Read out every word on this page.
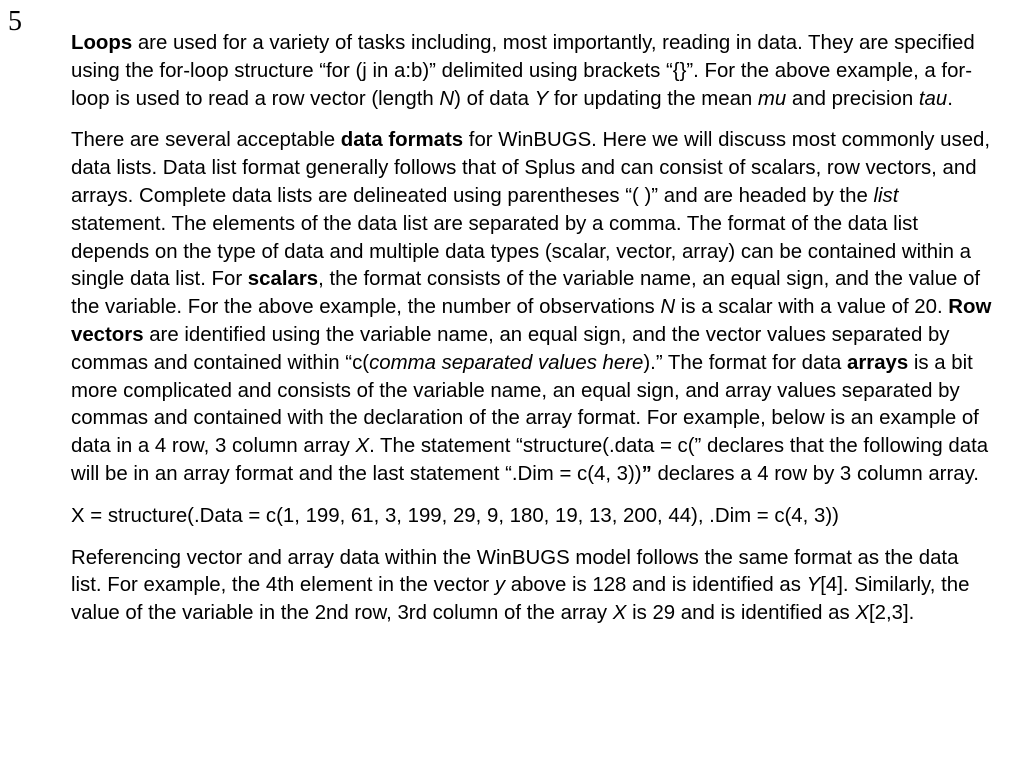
5

Loops are used for a variety of tasks including, most importantly, reading in data. They are specified using the for-loop structure “for (j in a:b)” delimited using brackets “{}”. For the above example, a for-loop is used to read a row vector (length N) of data Y for updating the mean mu and precision tau.

There are several acceptable data formats for WinBUGS. Here we will discuss most commonly used, data lists. Data list format generally follows that of Splus and can consist of scalars, row vectors, and arrays. Complete data lists are delineated using parentheses “( )” and are headed by the list statement. The elements of the data list are separated by a comma. The format of the data list depends on the type of data and multiple data types (scalar, vector, array) can be contained within a single data list. For scalars, the format consists of the variable name, an equal sign, and the value of the variable. For the above example, the number of observations N is a scalar with a value of 20. Row vectors are identified using the variable name, an equal sign, and the vector values separated by commas and contained within “c(comma separated values here).” The format for data arrays is a bit more complicated and consists of the variable name, an equal sign, and array values separated by commas and contained with the declaration of the array format. For example, below is an example of data in a 4 row, 3 column array X. The statement “structure(.data = c(” declares that the following data will be in an array format and the last statement “.Dim = c(4, 3))” declares a 4 row by 3 column array.

X = structure(.Data = c(1, 199, 61, 3, 199, 29, 9, 180, 19, 13, 200, 44), .Dim = c(4, 3))

Referencing vector and array data within the WinBUGS model follows the same format as the data list. For example, the 4th element in the vector y above is 128 and is identified as Y[4]. Similarly, the value of the variable in the 2nd row, 3rd column of the array X is 29 and is identified as X[2,3].
